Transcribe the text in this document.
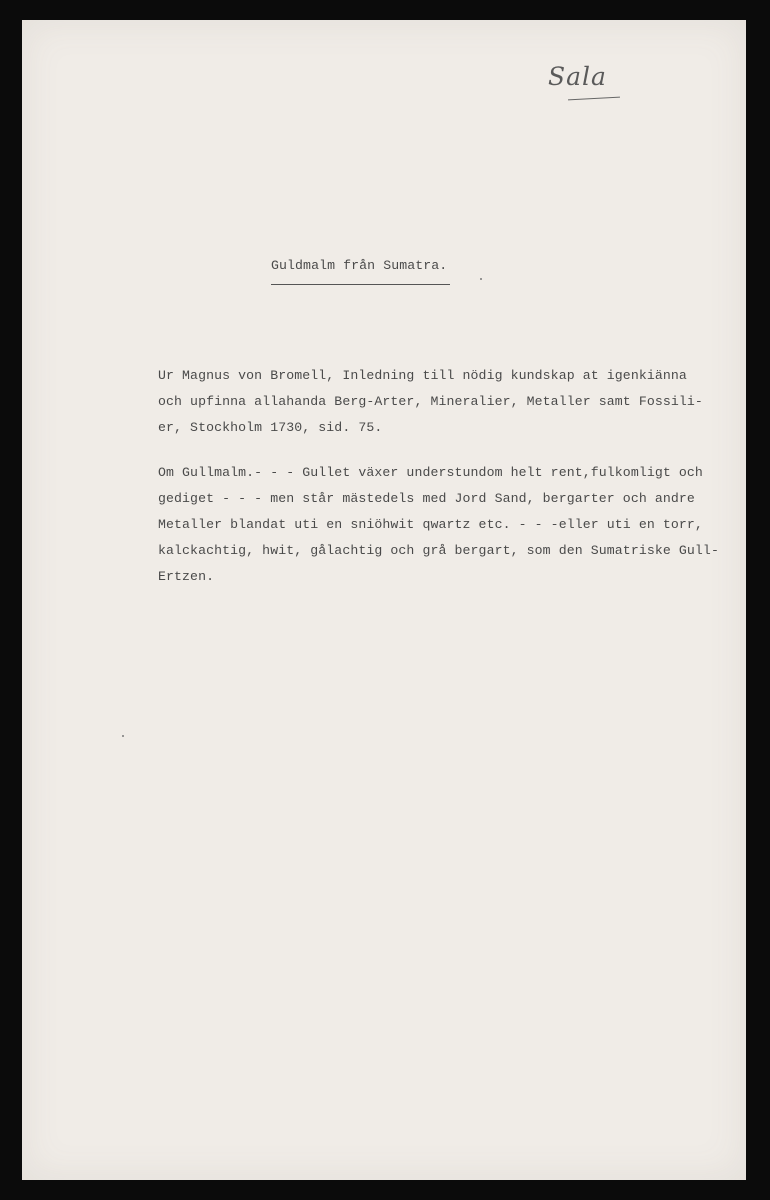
Sala
Guldmalm från Sumatra.
Ur Magnus von Bromell, Inledning till nödig kundskap at igenkiänna
och upfinna allahanda Berg-Arter, Mineralier, Metaller samt Fossili-
er, Stockholm 1730, sid. 75.
Om Gullmalm.- - - Gullet växer understundom helt rent,fulkomligt och
gediget - - - men står mästedels med Jord Sand, bergarter och andre
Metaller blandat uti en sniöhwit qwartz etc. - - -eller uti en torr,
kalckachtig, hwit, gålachtig och grå bergart, som den Sumatriske Gull-
Ertzen.
